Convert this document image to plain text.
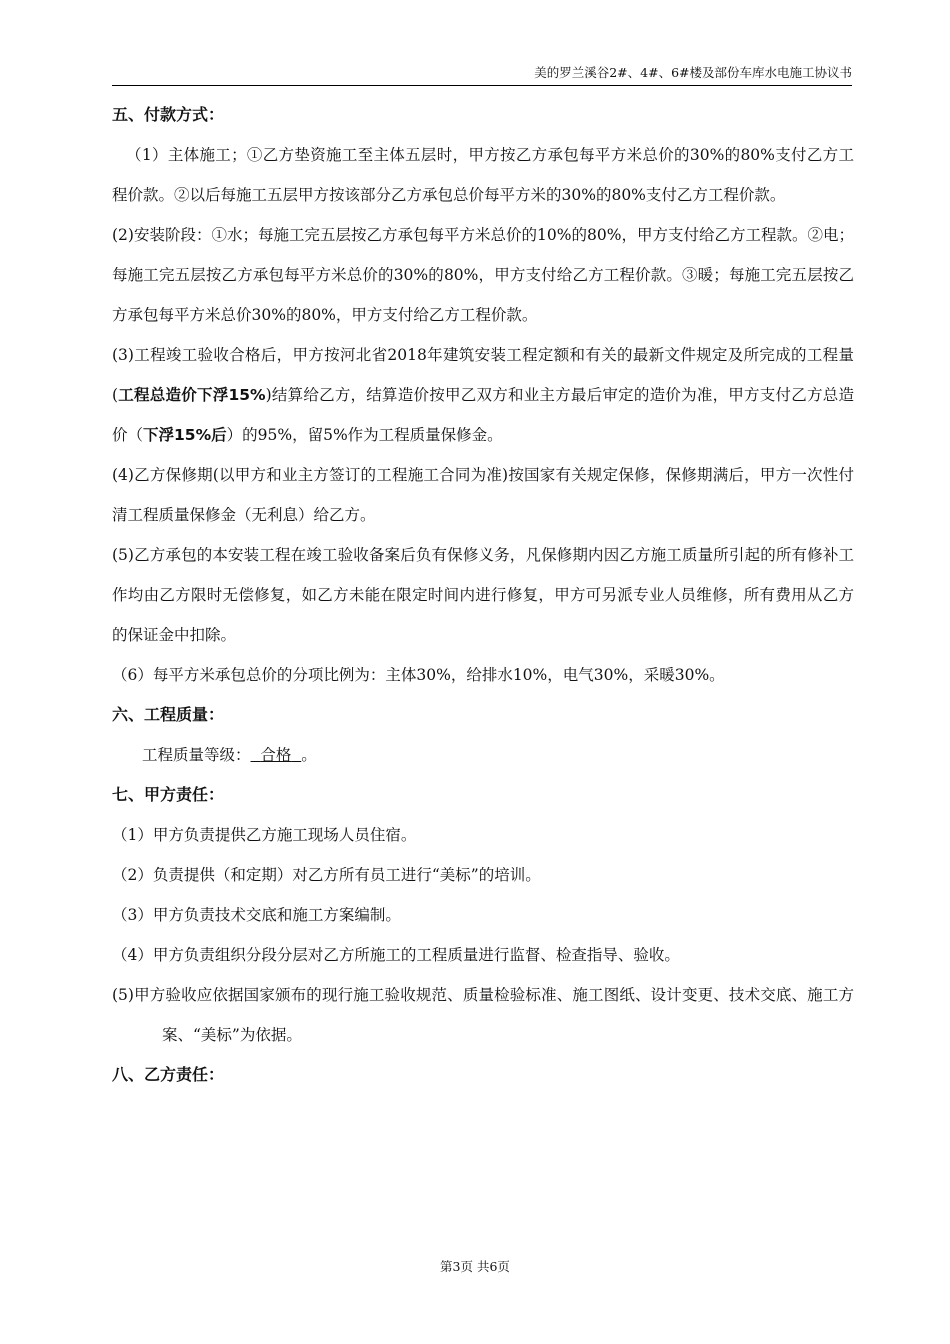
美的罗兰溪谷2#、4#、6#楼及部份车库水电施工协议书

五、付款方式：

（1）主体施工；①乙方垫资施工至主体五层时，甲方按乙方承包每平方米总价的30%的80%支付乙方工程价款。②以后每施工五层甲方按该部分乙方承包总价每平方米的30%的80%支付乙方工程价款。

(2)安装阶段：①水；每施工完五层按乙方承包每平方米总价的10%的80%，甲方支付给乙方工程款。②电；每施工完五层按乙方承包每平方米总价的30%的80%，甲方支付给乙方工程价款。③暖；每施工完五层按乙方承包每平方米总价30%的80%，甲方支付给乙方工程价款。

(3)工程竣工验收合格后，甲方按河北省2018年建筑安装工程定额和有关的最新文件规定及所完成的工程量(工程总造价下浮15%)结算给乙方，结算造价按甲乙双方和业主方最后审定的造价为准，甲方支付乙方总造价（下浮15%后）的95%，留5%作为工程质量保修金。

(4)乙方保修期(以甲方和业主方签订的工程施工合同为准)按国家有关规定保修，保修期满后，甲方一次性付清工程质量保修金（无利息）给乙方。

(5)乙方承包的本安装工程在竣工验收备案后负有保修义务，凡保修期内因乙方施工质量所引起的所有修补工作均由乙方限时无偿修复，如乙方未能在限定时间内进行修复，甲方可另派专业人员维修，所有费用从乙方的保证金中扣除。

（6）每平方米承包总价的分项比例为：主体30%，给排水10%，电气30%，采暖30%。

六、工程质量：

工程质量等级： 合格 。

七、甲方责任：

（1）甲方负责提供乙方施工现场人员住宿。

（2）负责提供（和定期）对乙方所有员工进行“美标”的培训。

（3）甲方负责技术交底和施工方案编制。

（4）甲方负责组织分段分层对乙方所施工的工程质量进行监督、检查指导、验收。

(5)甲方验收应依据国家颁布的现行施工验收规范、质量检验标准、施工图纸、设计变更、技术交底、施工方案、“美标”为依据。

八、乙方责任：

第3页 共6页
